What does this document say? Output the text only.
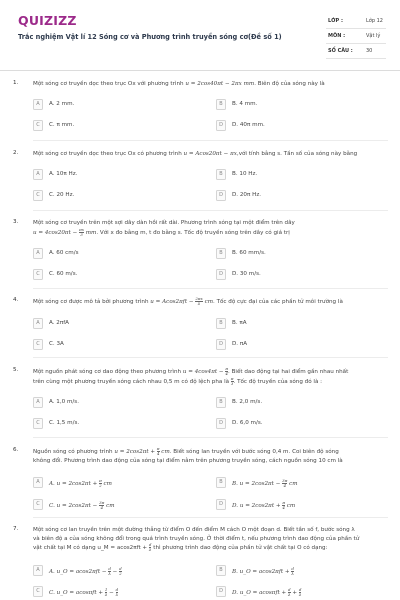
QUIZIZZ
Trắc nghiệm Vật lí 12 Sóng cơ và Phương trình truyền sóng cơ(Đề số 1)
LỚP :	Lớp 12
MÔN :	Vật lý
SỐ CÂU :	30
1.	Một sóng cơ truyền dọc theo trục Ox với phương trình u = 2cos40πt − 2πx mm. Biên độ của sóng này là
A	A. 2 mm.	B	B. 4 mm.
C	C. π mm.	D	D. 40π mm.
2.	Một sóng cơ truyền dọc theo trục Ox có phương trình u = Acos20πt − πx,với tính bằng s. Tần số của sóng này bằng
A	A. 10π Hz.	B	B. 10 Hz.
C	C. 20 Hz.	D	D. 20π Hz.
3.	Một sóng cơ truyền trên một sợi dây dàn hồi rất dài. Phương trình sóng tại một điểm trên dây
$u = 4\cos 20\pi t - \frac{\pi x}{3}$ mm. Với x đo bằng m, t đo bằng s. Tốc độ truyền sóng trên dây có giá trị
A	A. 60 cm/s	B	B. 60 mm/s.
C	C. 60 m/s.	D	D. 30 m/s.
4.	Một sóng cơ được mô tả bởi phương trình $u = Acos2\pi ft - \frac{2\pi x}{\lambda}$ cm. Tốc độ cực đại của các phần tử môi trường là
A	A. 2πfA	B	B. πA
C	C. 3A	D	D. πA
5.	Một nguồn phát sóng cơ dao động theo phương trình $u = 4\cos 4\pi t - \frac{\pi}{4}$ . Biết dao động tại hai điểm gần nhau nhất
trên cùng một phương truyền sóng cách nhau 0,5 m có độ lệch pha là $\frac{\pi}{3}$ . Tốc độ truyền của sóng đó là :
A	A. 1,0 m/s.	B	B. 2,0 m/s.
C	C. 1,5 m/s.	D	D. 6,0 m/s.
6.	Nguồn sóng có phương trình $u = 2\cos 2\pi t + \frac{\pi}{4}$ cm. Biết sóng lan truyền với bước sóng 0,4 m. Coi biên độ sóng
không đổi. Phương trình dao động của sóng tại điểm nằm trên phương truyền sóng, cách nguồn sóng 10 cm là
A	A. $u = 2\cos 2\pi t + \frac{\pi}{2}$ cm	B	B. $u = 2\cos 2\pi t - \frac{3\pi}{4}$ cm
C	C. $u = 2\cos 2\pi t - \frac{3\pi}{4}$ cm	D	D. $u = 2\cos 2\pi t + \frac{\pi}{4}$ cm
7.	Một sóng cơ lan truyền trên một đường thẳng từ điểm O đến điểm M cách O một đoạn d. Biết tần số f, bước sóng λ
và biên độ a của sóng không đổi trong quá trình truyền sóng. Ở thời điểm t, nếu phương trình dao động của phần tử
vật chất tại M có dạng u_M = $acos2\pi ft + \frac{d}{\lambda}$ thì phương trình dao động của phần tử vật chất tại O có dạng:
A	A. u_O = $acos2\pi ft - \frac{d}{\lambda} - \frac{d}{2}$	B	B. u_O = $acos2\pi ft + \frac{d}{\lambda}$
C	C. u_O = $acos\pi ft + \frac{1}{\lambda} - \frac{d}{\lambda}$	D	D. u_O = $acos\pi ft + \frac{d}{\lambda} + \frac{d}{\lambda}$
